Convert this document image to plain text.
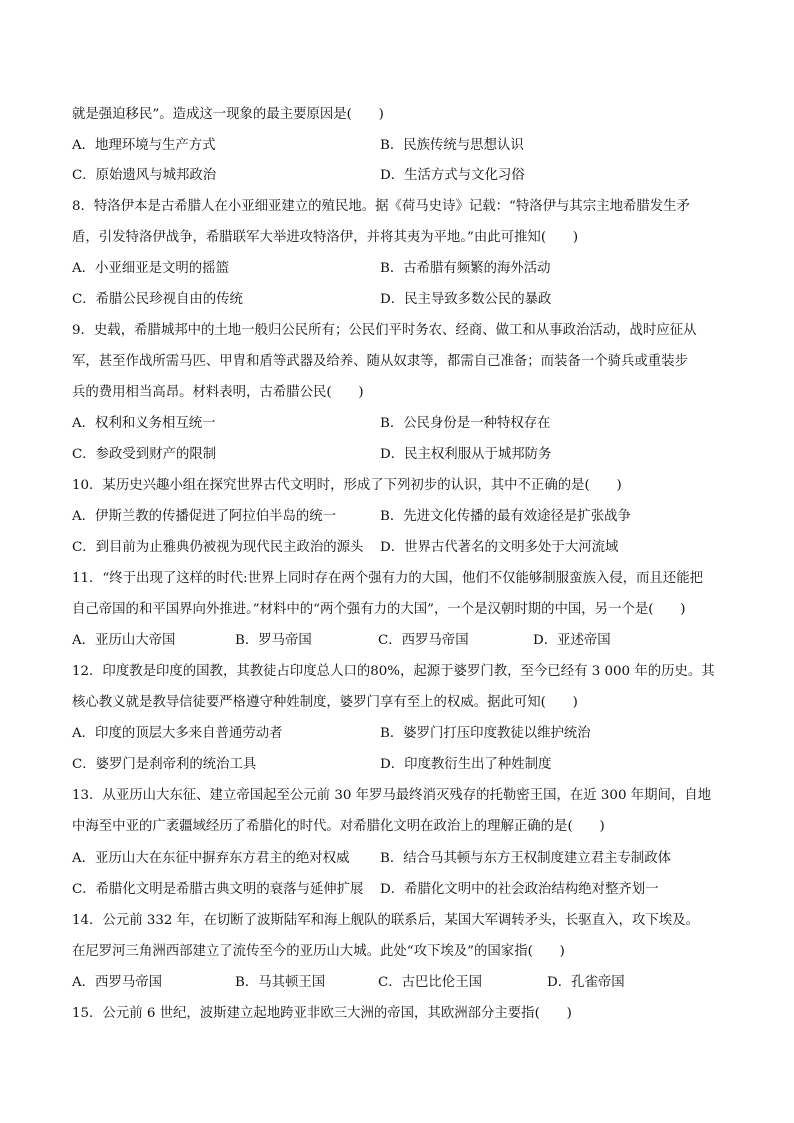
就是强迫移民”。造成这一现象的最主要原因是(　　)
A．地理环境与生产方式	B．民族传统与思想认识
C．原始遗风与城邦政治	D．生活方式与文化习俗
8．特洛伊本是古希腊人在小亚细亚建立的殖民地。据《荷马史诗》记载：“特洛伊与其宗主地希腊发生矛
盾，引发特洛伊战争，希腊联军大举进攻特洛伊，并将其夷为平地。”由此可推知(　　)
A．小亚细亚是文明的摇篮	B．古希腊有频繁的海外活动
C．希腊公民珍视自由的传统	D．民主导致多数公民的暴政
9．史载，希腊城邦中的土地一般归公民所有；公民们平时务农、经商、做工和从事政治活动，战时应征从
军，甚至作战所需马匹、甲胄和盾等武器及给养、随从奴隶等，都需自己准备；而装备一个骑兵或重装步
兵的费用相当高昂。材料表明，古希腊公民(　　)
A．权利和义务相互统一	B．公民身份是一种特权存在
C．参政受到财产的限制	D．民主权利服从于城邦防务
10．某历史兴趣小组在探究世界古代文明时，形成了下列初步的认识，其中不正确的是(　　)
A．伊斯兰教的传播促进了阿拉伯半岛的统一	B．先进文化传播的最有效途径是扩张战争
C．到目前为止雅典仍被视为现代民主政治的源头 D．世界古代著名的文明多处于大河流域
11．“终于出现了这样的时代:世界上同时存在两个强有力的大国，他们不仅能够制服蛮族入侵，而且还能把
自己帝国的和平国界向外推进。”材料中的“两个强有力的大国”，一个是汉朝时期的中国，另一个是(　　)
A．亚历山大帝国	B．罗马帝国	C．西罗马帝国	D．亚述帝国
12．印度教是印度的国教，其教徒占印度总人口的80%，起源于婆罗门教，至今已经有 3 000 年的历史。其
核心教义就是教导信徒要严格遵守种姓制度，婆罗门享有至上的权威。据此可知(　　)
A．印度的顶层大多来自普通劳动者	B．婆罗门打压印度教徒以维护统治
C．婆罗门是刹帝利的统治工具	D．印度教衍生出了种姓制度
13．从亚历山大东征、建立帝国起至公元前 30 年罗马最终消灭残存的托勒密王国，在近 300 年期间，自地
中海至中亚的广袤疆域经历了希腊化的时代。对希腊化文明在政治上的理解正确的是(　　)
A．亚历山大在东征中摒弃东方君主的绝对权威 B．结合马其顿与东方王权制度建立君主专制政体
C．希腊化文明是希腊古典文明的衰落与延伸扩展 D．希腊化文明中的社会政治结构绝对整齐划一
14．公元前 332 年，在切断了波斯陆军和海上舰队的联系后，某国大军调转矛头，长驱直入，攻下埃及。
在尼罗河三角洲西部建立了流传至今的亚历山大城。此处“攻下埃及”的国家指(　　)
A．西罗马帝国	B．马其顿王国	C．古巴比伦王国	D．孔雀帝国
15．公元前 6 世纪，波斯建立起地跨亚非欧三大洲的帝国，其欧洲部分主要指(　　)
